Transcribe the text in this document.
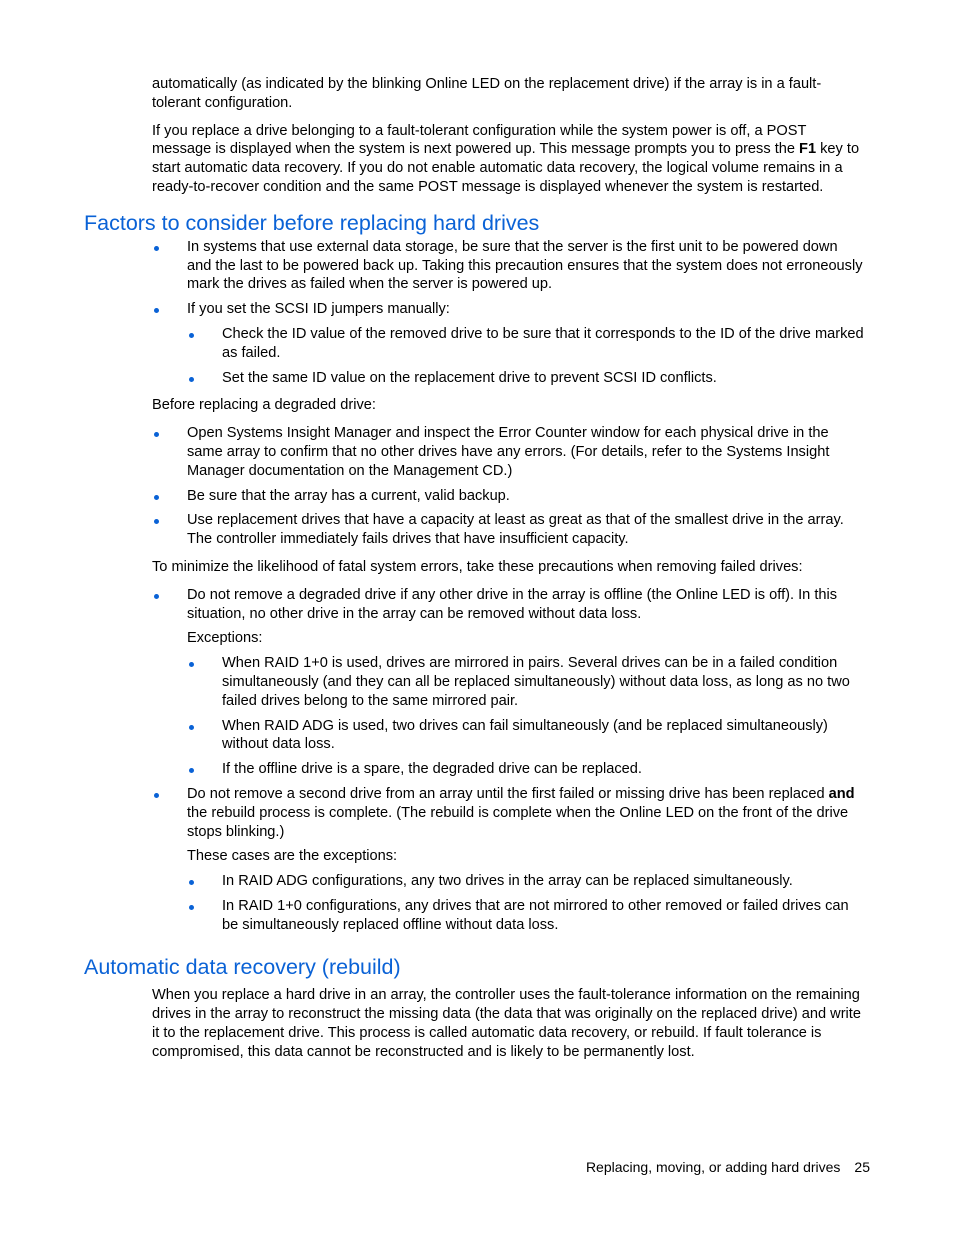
automatically (as indicated by the blinking Online LED on the replacement drive) if the array is in a fault-tolerant configuration.

If you replace a drive belonging to a fault-tolerant configuration while the system power is off, a POST message is displayed when the system is next powered up. This message prompts you to press the F1 key to start automatic data recovery. If you do not enable automatic data recovery, the logical volume remains in a ready-to-recover condition and the same POST message is displayed whenever the system is restarted.

Factors to consider before replacing hard drives
In systems that use external data storage, be sure that the server is the first unit to be powered down and the last to be powered back up. Taking this precaution ensures that the system does not erroneously mark the drives as failed when the server is powered up.
If you set the SCSI ID jumpers manually:
Check the ID value of the removed drive to be sure that it corresponds to the ID of the drive marked as failed.
Set the same ID value on the replacement drive to prevent SCSI ID conflicts.

Before replacing a degraded drive:

Open Systems Insight Manager and inspect the Error Counter window for each physical drive in the same array to confirm that no other drives have any errors. (For details, refer to the Systems Insight Manager documentation on the Management CD.)
Be sure that the array has a current, valid backup.
Use replacement drives that have a capacity at least as great as that of the smallest drive in the array. The controller immediately fails drives that have insufficient capacity.

To minimize the likelihood of fatal system errors, take these precautions when removing failed drives:

Do not remove a degraded drive if any other drive in the array is offline (the Online LED is off). In this situation, no other drive in the array can be removed without data loss.

Exceptions:

When RAID 1+0 is used, drives are mirrored in pairs. Several drives can be in a failed condition simultaneously (and they can all be replaced simultaneously) without data loss, as long as no two failed drives belong to the same mirrored pair.
When RAID ADG is used, two drives can fail simultaneously (and be replaced simultaneously) without data loss.
If the offline drive is a spare, the degraded drive can be replaced.
Do not remove a second drive from an array until the first failed or missing drive has been replaced and the rebuild process is complete. (The rebuild is complete when the Online LED on the front of the drive stops blinking.)

These cases are the exceptions:

In RAID ADG configurations, any two drives in the array can be replaced simultaneously.
In RAID 1+0 configurations, any drives that are not mirrored to other removed or failed drives can be simultaneously replaced offline without data loss.
Automatic data recovery (rebuild)

When you replace a hard drive in an array, the controller uses the fault-tolerance information on the remaining drives in the array to reconstruct the missing data (the data that was originally on the replaced drive) and write it to the replacement drive. This process is called automatic data recovery, or rebuild. If fault tolerance is compromised, this data cannot be reconstructed and is likely to be permanently lost.

Replacing, moving, or adding hard drives 25
